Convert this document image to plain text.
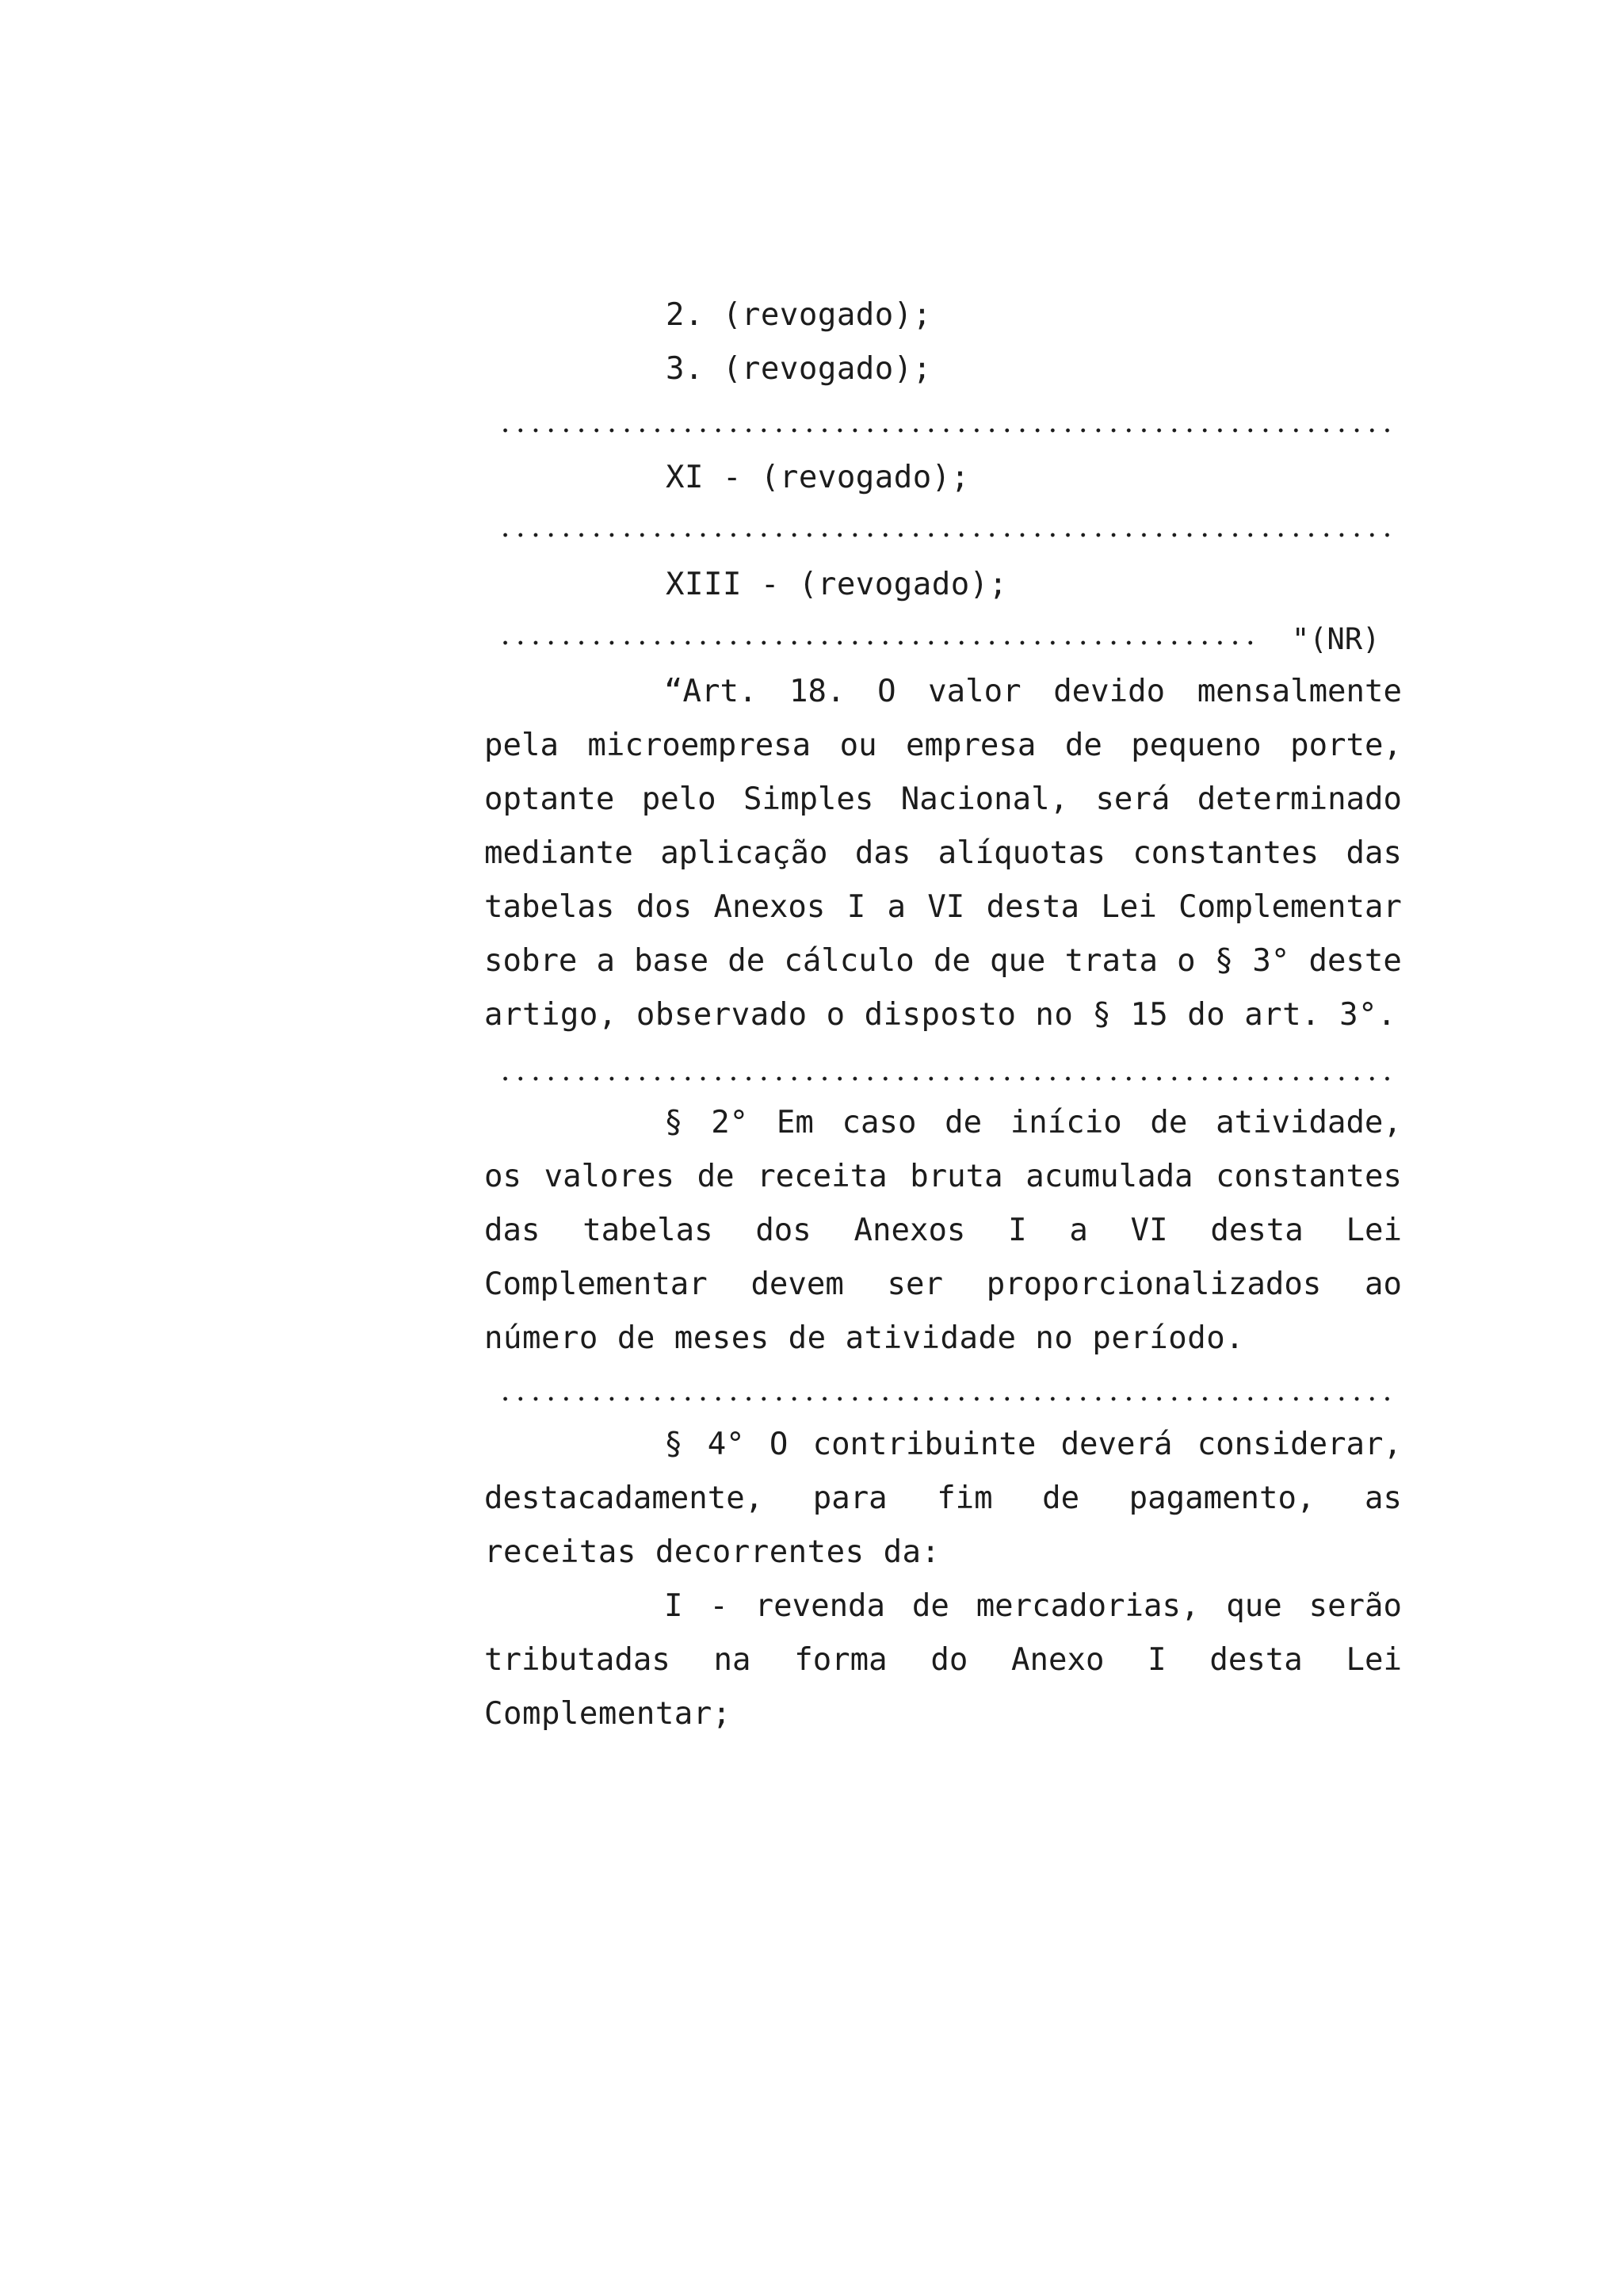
2. (revogado);
3. (revogado);
XI - (revogado);
XIII - (revogado);
"(NR)
“Art. 18. O valor devido mensalmente
pela microempresa ou empresa de pequeno porte,
optante pelo Simples Nacional, será determinado
mediante aplicação das alíquotas constantes das
tabelas dos Anexos I a VI desta Lei Complementar
sobre a base de cálculo de que trata o § 3° deste
artigo, observado o disposto no § 15 do art. 3°.
§ 2° Em caso de início de atividade,
os valores de receita bruta acumulada constantes
das tabelas dos Anexos I a VI desta Lei
Complementar devem ser proporcionalizados ao
número de meses de atividade no período.
§ 4° O contribuinte deverá considerar,
destacadamente, para fim de pagamento, as
receitas decorrentes da:
I - revenda de mercadorias, que serão
tributadas na forma do Anexo I desta Lei
Complementar;
